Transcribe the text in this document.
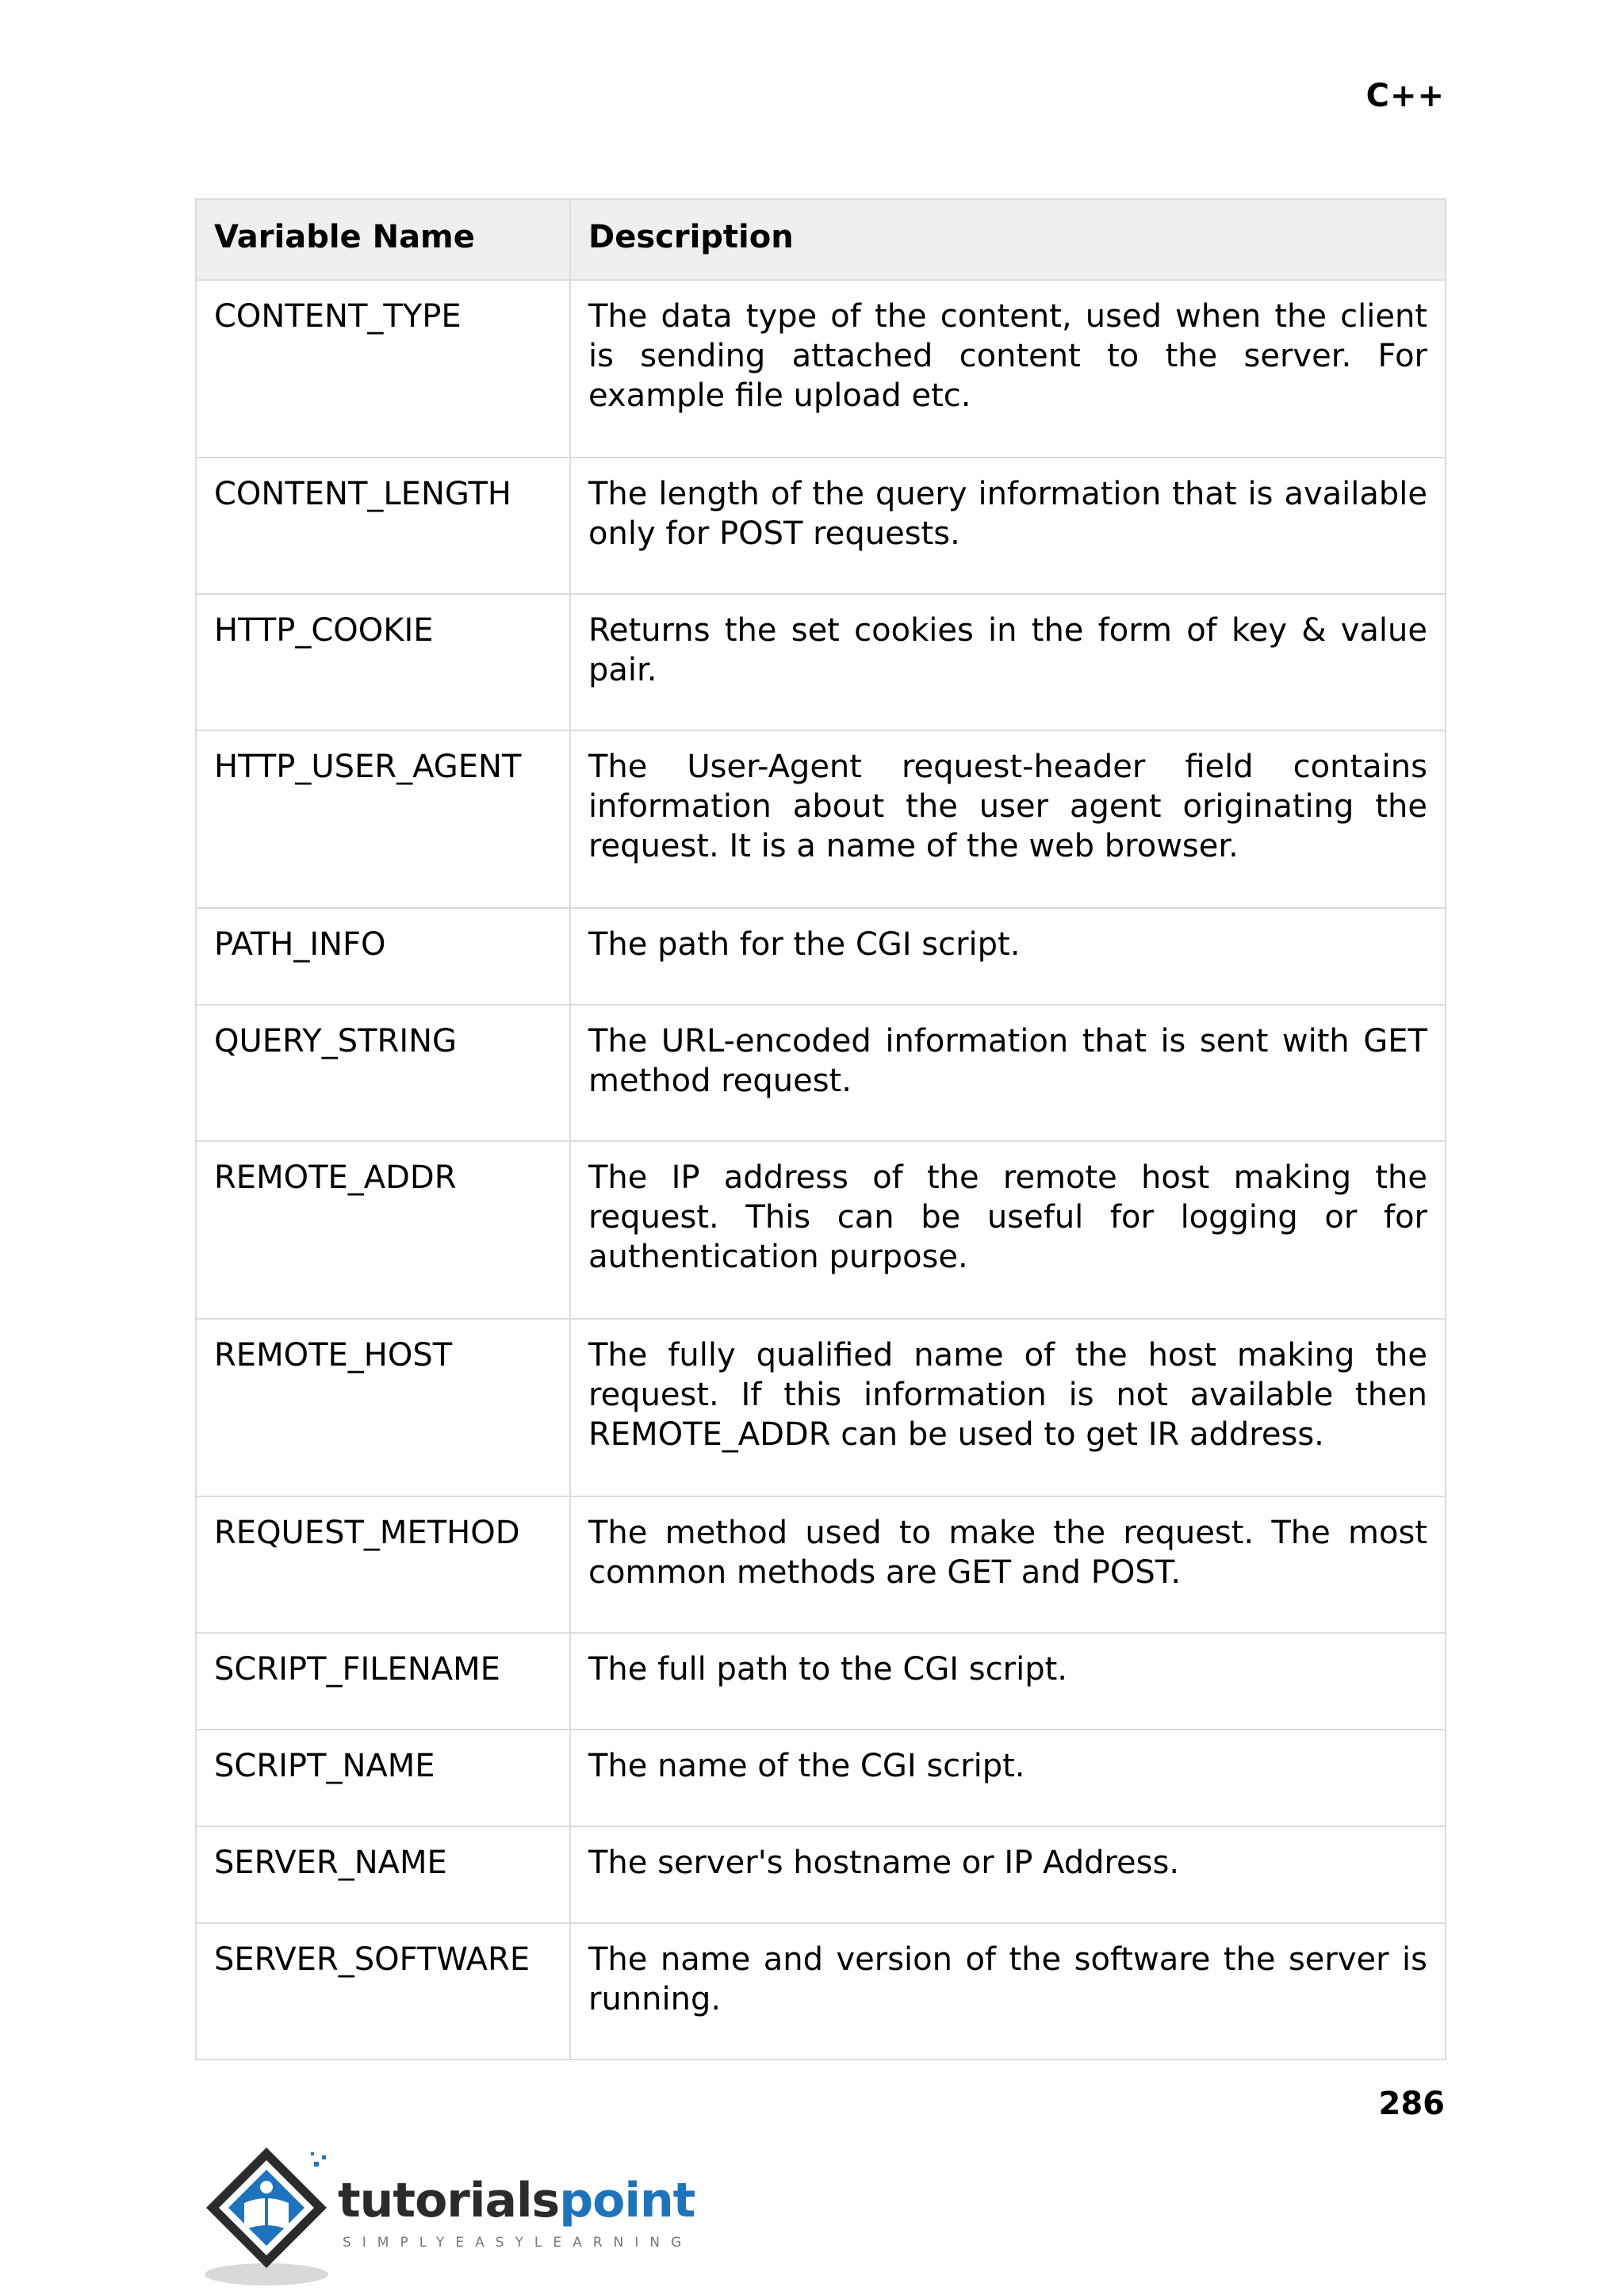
C++
Variable Name	Description
CONTENT_TYPE	The data type of the content, used when the client is sending attached content to the server. For example file upload etc.
CONTENT_LENGTH	The length of the query information that is available only for POST requests.
HTTP_COOKIE	Returns the set cookies in the form of key & value pair.
HTTP_USER_AGENT	The User-Agent request-header field contains information about the user agent originating the request. It is a name of the web browser.
PATH_INFO	The path for the CGI script.
QUERY_STRING	The URL-encoded information that is sent with GET method request.
REMOTE_ADDR	The IP address of the remote host making the request. This can be useful for logging or for authentication purpose.
REMOTE_HOST	The fully qualified name of the host making the request. If this information is not available then REMOTE_ADDR can be used to get IR address.
REQUEST_METHOD	The method used to make the request. The most common methods are GET and POST.
SCRIPT_FILENAME	The full path to the CGI script.
SCRIPT_NAME	The name of the CGI script.
SERVER_NAME	The server's hostname or IP Address.
SERVER_SOFTWARE	The name and version of the software the server is running.
286
tutorialspoint
SIMPLYEASYLEARNING
